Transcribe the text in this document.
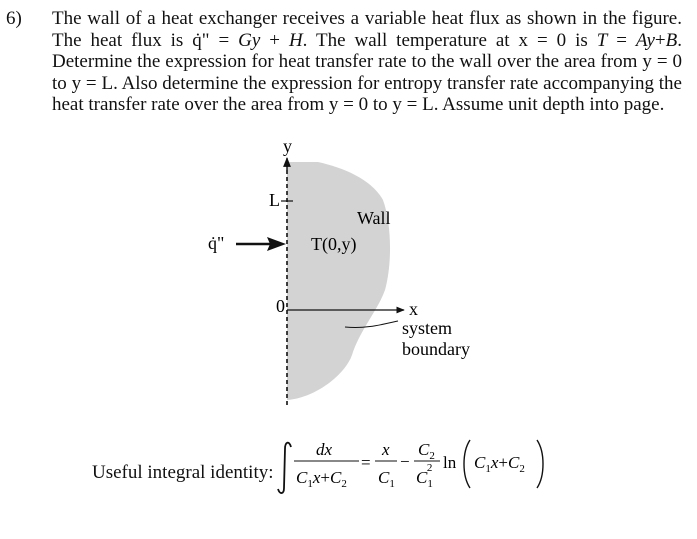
6) The wall of a heat exchanger receives a variable heat flux as shown in the figure.
The heat flux is q̇" = Gy + H. The wall temperature at x = 0 is T = Ay+B.
Determine the expression for heat transfer rate to the wall over the area from y = 0
to y = L. Also determine the expression for entropy transfer rate accompanying the
heat transfer rate over the area from y = 0 to y = L. Assume unit depth into page.
y
x
L
0
Wall
T(0,y)
q̇"
system
boundary
Useful integral identity:
dx
$C_1x+C_2$
=
x
$C_1$
−
$C_2$
$C_12$ $\ln C_1x+C_2$
